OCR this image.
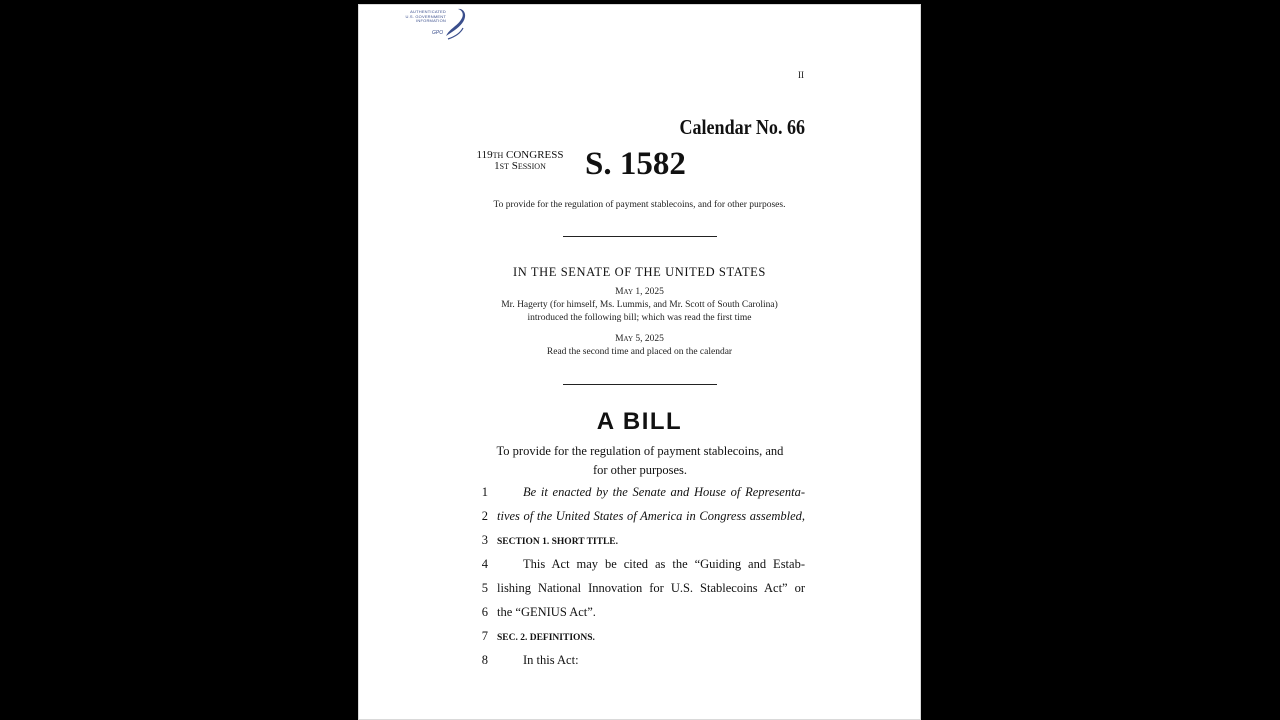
AUTHENTICATED
U.S. GOVERNMENT
INFORMATION
GPO
II
Calendar No. 66
119th CONGRESS
1st Session	S. 1582
To provide for the regulation of payment stablecoins, and for other purposes.
IN THE SENATE OF THE UNITED STATES
May 1, 2025
Mr. Hagerty (for himself, Ms. Lummis, and Mr. Scott of South Carolina)
introduced the following bill; which was read the first time
May 5, 2025
Read the second time and placed on the calendar
A BILL
To provide for the regulation of payment stablecoins, and
for other purposes.
1	Be it enacted by the Senate and House of Representa-
2 tives of the United States of America in Congress assembled,
3 SECTION 1. SHORT TITLE.
4	This Act may be cited as the “Guiding and Estab-
5 lishing National Innovation for U.S. Stablecoins Act” or
6 the “GENIUS Act”.
7 SEC. 2. DEFINITIONS.
8	In this Act:
